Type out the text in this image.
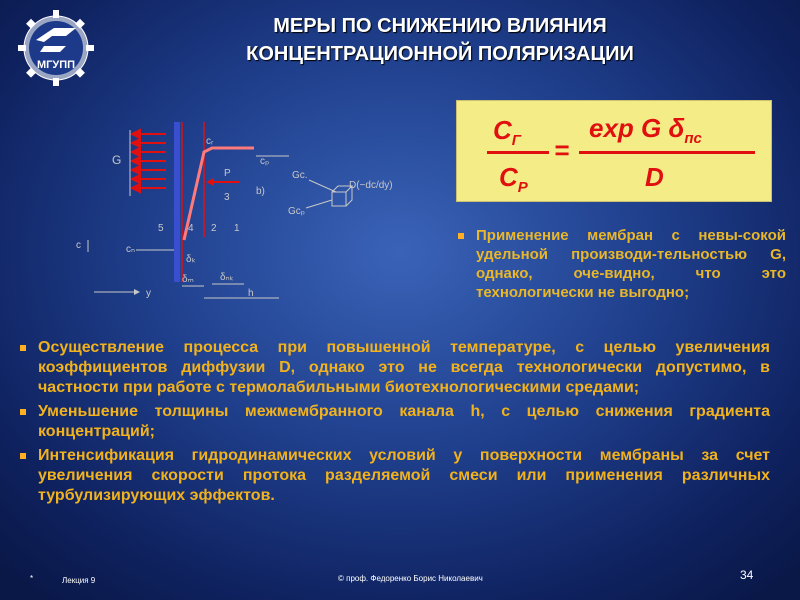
МГУПП
МЕРЫ ПО СНИЖЕНИЮ ВЛИЯНИЯ
КОНЦЕНТРАЦИОННОЙ ПОЛЯРИЗАЦИИ
G
cᵣ
cₚ
P
3
b)
5 4 2 1
c	cₙ
δₖ
δₘ	δₙₖ
y	h
Gc.
Gcₚ
D(−dc/dy)
$C_Г$ =
exp G $\delta_{пс}$
$C_Р$	D
Применение мембран с невы-сокой удельной производи-тельностью G, однако, оче-видно, что это технологически не выгодно;
Осуществление процесса при повышенной температуре, с целью увеличения коэффициентов диффузии D, однако это не всегда технологически допустимо, в частности при работе с термолабильными биотехнологическими средами;
Уменьшение толщины межмембранного канала h, с целью снижения градиента концентраций;
Интенсификация гидродинамических условий у поверхности мембраны за счет увеличения скорости протока разделяемой смеси или применения различных турбулизирующих эффектов.
*	Лекция 9	© проф. Федоренко Борис Николаевич	34
